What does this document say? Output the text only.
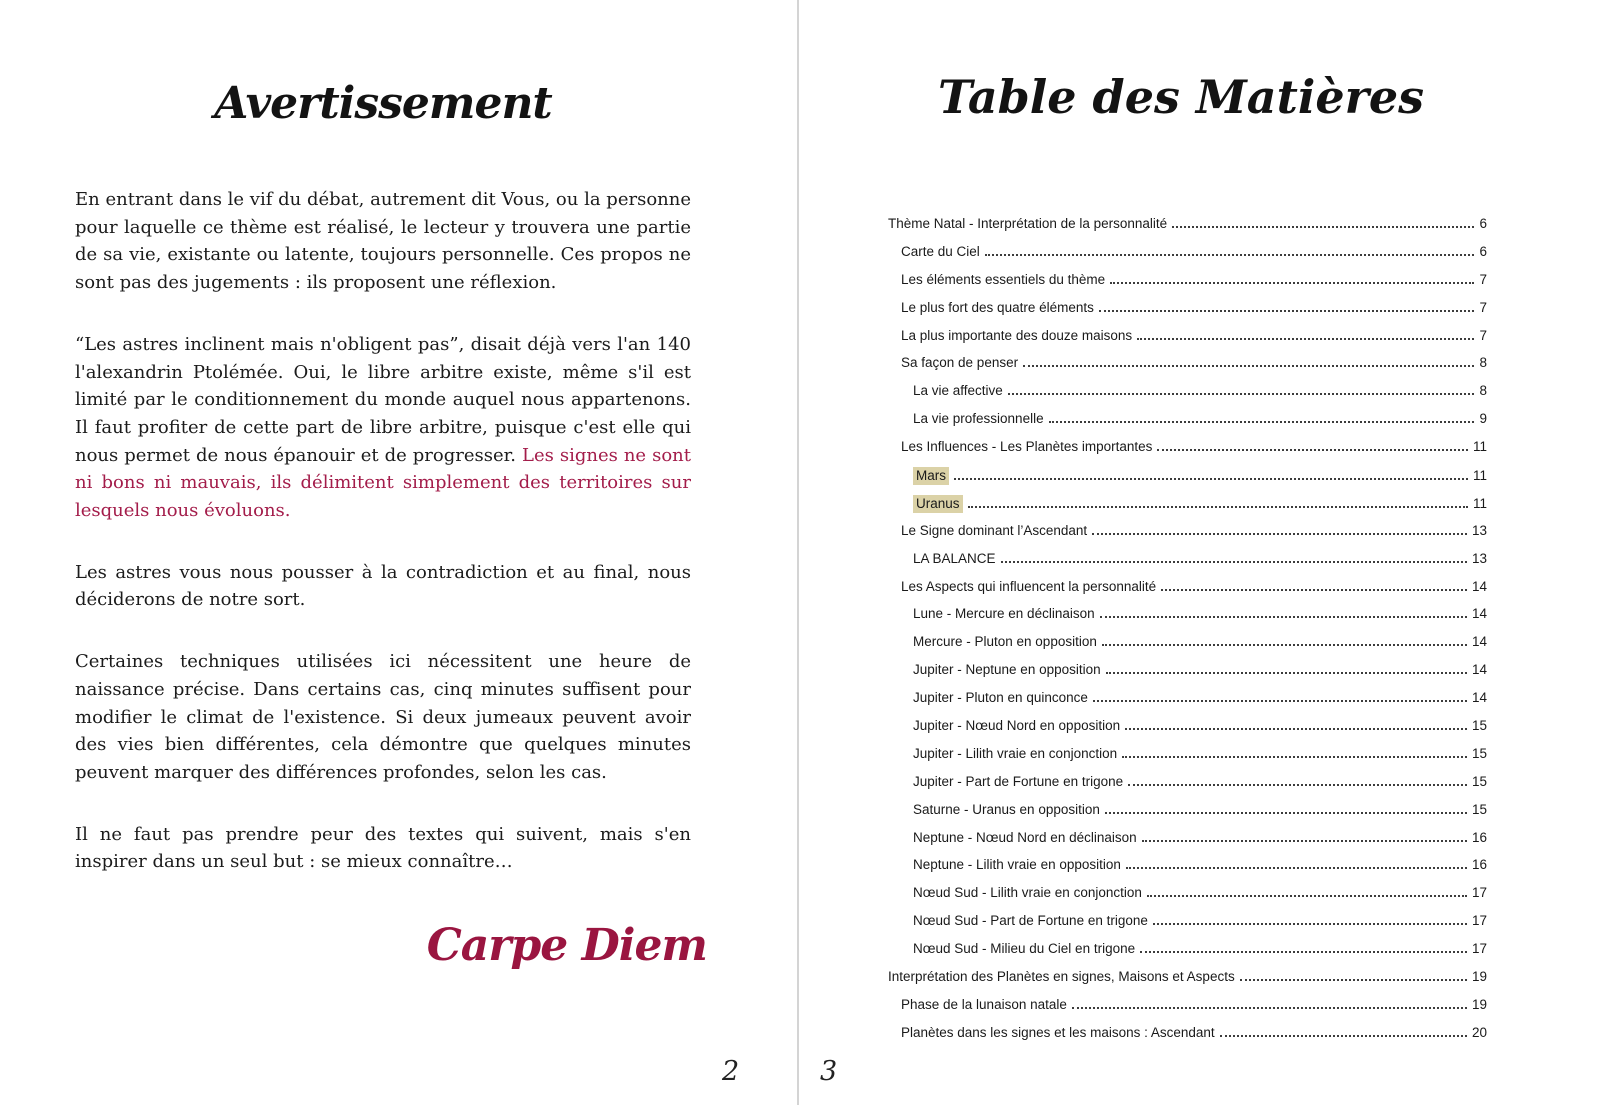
Avertissement

En entrant dans le vif du débat, autrement dit Vous, ou la personne pour laquelle ce thème est réalisé, le lecteur y trouvera une partie de sa vie, existante ou latente, toujours personnelle. Ces propos ne sont pas des jugements : ils proposent une réflexion.

“Les astres inclinent mais n'obligent pas”, disait déjà vers l'an 140 l'alexandrin Ptolémée. Oui, le libre arbitre existe, même s'il est limité par le conditionnement du monde auquel nous appartenons. Il faut profiter de cette part de libre arbitre, puisque c'est elle qui nous permet de nous épanouir et de progresser. Les signes ne sont ni bons ni mauvais, ils délimitent simplement des territoires sur lesquels nous évoluons.

Les astres vous nous pousser à la contradiction et au final, nous déciderons de notre sort.

Certaines techniques utilisées ici nécessitent une heure de naissance précise. Dans certains cas, cinq minutes suffisent pour modifier le climat de l'existence. Si deux jumeaux peuvent avoir des vies bien différentes, cela démontre que quelques minutes peuvent marquer des différences profondes, selon les cas.

Il ne faut pas prendre peur des textes qui suivent, mais s'en inspirer dans un seul but : se mieux connaître…

Carpe Diem
2
Table des Matières
Thème Natal - Interprétation de la personnalité	6
Carte du Ciel	6
Les éléments essentiels du thème	7
Le plus fort des quatre éléments	7
La plus importante des douze maisons	7
Sa façon de penser	8
La vie affective	8
La vie professionnelle	9
Les Influences - Les Planètes importantes	11
Mars	11
Uranus	11
Le Signe dominant l’Ascendant	13
LA BALANCE	13
Les Aspects qui influencent la personnalité	14
Lune - Mercure en déclinaison	14
Mercure - Pluton en opposition	14
Jupiter - Neptune en opposition	14
Jupiter - Pluton en quinconce	14
Jupiter - Nœud Nord en opposition	15
Jupiter - Lilith vraie en conjonction	15
Jupiter - Part de Fortune en trigone	15
Saturne - Uranus en opposition	15
Neptune - Nœud Nord en déclinaison	16
Neptune - Lilith vraie en opposition	16
Nœud Sud - Lilith vraie en conjonction	17
Nœud Sud - Part de Fortune en trigone	17
Nœud Sud - Milieu du Ciel en trigone	17
Interprétation des Planètes en signes, Maisons et Aspects	19
Phase de la lunaison natale	19
Planètes dans les signes et les maisons : Ascendant	20
3
